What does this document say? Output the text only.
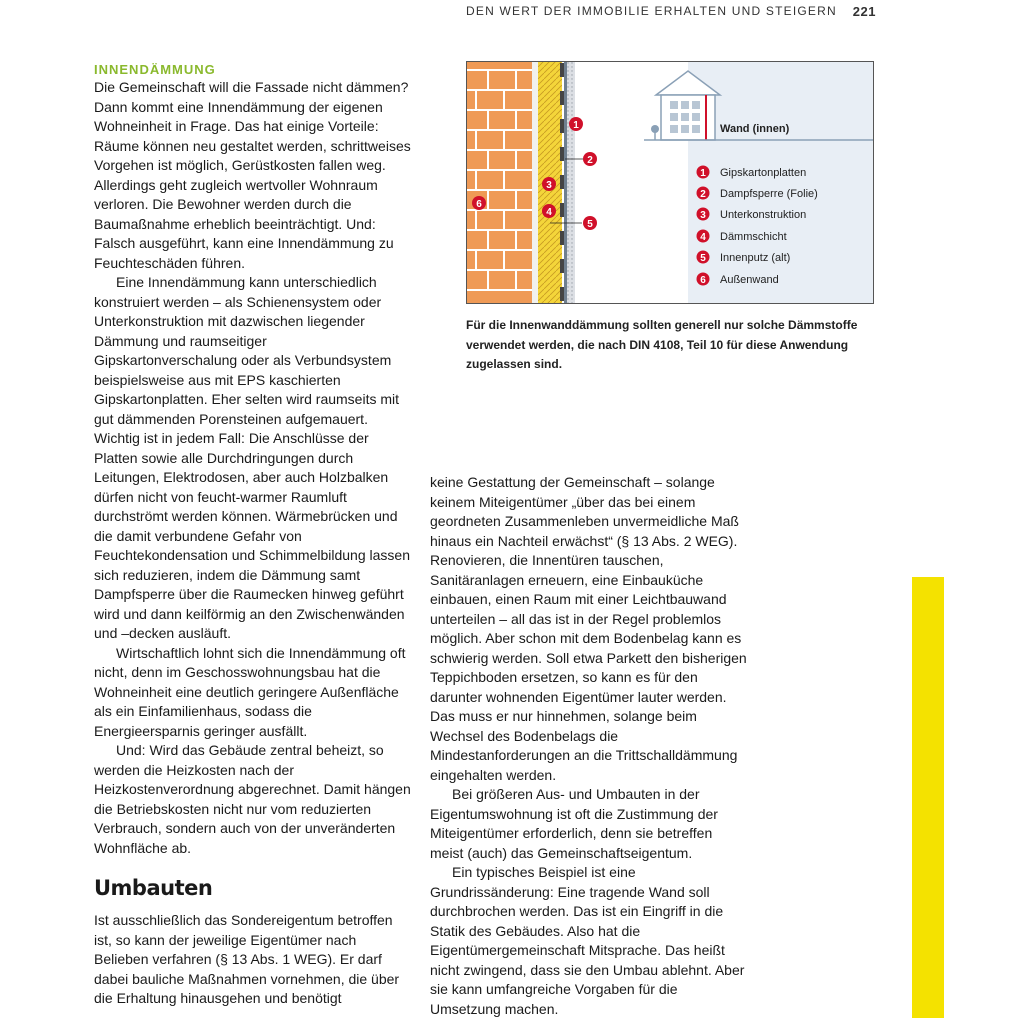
DEN WERT DER IMMOBILIE ERHALTEN UND STEIGERN 221
INNENDÄMMUNG

Die Gemeinschaft will die Fassade nicht dämmen? Dann kommt eine Innendämmung der eigenen Wohneinheit in Frage. Das hat einige Vorteile: Räume können neu gestaltet werden, schrittweises Vorgehen ist möglich, Gerüstkosten fallen weg. Allerdings geht zugleich wertvoller Wohnraum verloren. Die Bewohner werden durch die Baumaßnahme erheblich beeinträchtigt. Und: Falsch ausgeführt, kann eine Innendämmung zu Feuchteschäden führen.

Eine Innendämmung kann unterschiedlich konstruiert werden – als Schienensystem oder Unterkonstruktion mit dazwischen liegender Dämmung und raumseitiger Gipskartonverschalung oder als Verbundsystem beispielsweise aus mit EPS kaschierten Gipskartonplatten. Eher selten wird raumseits mit gut dämmenden Porensteinen aufgemauert. Wichtig ist in jedem Fall: Die Anschlüsse der Platten sowie alle Durchdringungen durch Leitungen, Elektrodosen, aber auch Holzbalken dürfen nicht von feucht-warmer Raumluft durchströmt werden können. Wärmebrücken und die damit verbundene Gefahr von Feuchtekondensation und Schimmelbildung lassen sich reduzieren, indem die Dämmung samt Dampfsperre über die Raumecken hinweg geführt wird und dann keilförmig an den Zwischenwänden und –decken ausläuft.

Wirtschaftlich lohnt sich die Innendämmung oft nicht, denn im Geschosswohnungsbau hat die Wohneinheit eine deutlich geringere Außenfläche als ein Einfamilienhaus, sodass die Energieersparnis geringer ausfällt.

Und: Wird das Gebäude zentral beheizt, so werden die Heizkosten nach der Heizkostenverordnung abgerechnet. Damit hängen die Betriebskosten nicht nur vom reduzierten Verbrauch, sondern auch von der unveränderten Wohnfläche ab.

Umbauten

Ist ausschließlich das Sondereigentum betroffen ist, so kann der jeweilige Eigentümer nach Belieben verfahren (§ 13 Abs. 1 WEG). Er darf dabei bauliche Maßnahmen vornehmen, die über die Erhaltung hinausgehen und benötigt

1
2
3
4
5
6
Wand (innen)
1 Gipskartonplatten
2 Dampfsperre (Folie)
3 Unterkonstruktion
4 Dämmschicht
5 Innenputz (alt)
6 Außenwand

Für die Innenwanddämmung sollten generell nur solche Dämmstoffe verwendet werden, die nach DIN 4108, Teil 10 für diese Anwendung zugelassen sind.

keine Gestattung der Gemeinschaft – solange keinem Miteigentümer „über das bei einem geordneten Zusammenleben unvermeidliche Maß hinaus ein Nachteil erwächst“ (§ 13 Abs. 2 WEG). Renovieren, die Innentüren tauschen, Sanitäranlagen erneuern, eine Einbauküche einbauen, einen Raum mit einer Leichtbauwand unterteilen – all das ist in der Regel problemlos möglich. Aber schon mit dem Bodenbelag kann es schwierig werden. Soll etwa Parkett den bisherigen Teppichboden ersetzen, so kann es für den darunter wohnenden Eigentümer lauter werden. Das muss er nur hinnehmen, solange beim Wechsel des Bodenbelags die Mindestanforderungen an die Trittschalldämmung eingehalten werden.

Bei größeren Aus- und Umbauten in der Eigentumswohnung ist oft die Zustimmung der Miteigentümer erforderlich, denn sie betreffen meist (auch) das Gemeinschaftseigentum.

Ein typisches Beispiel ist eine Grundrissänderung: Eine tragende Wand soll durchbrochen werden. Das ist ein Eingriff in die Statik des Gebäudes. Also hat die Eigentümergemeinschaft Mitsprache. Das heißt nicht zwingend, dass sie den Umbau ablehnt. Aber sie kann umfangreiche Vorgaben für die Umsetzung machen.
